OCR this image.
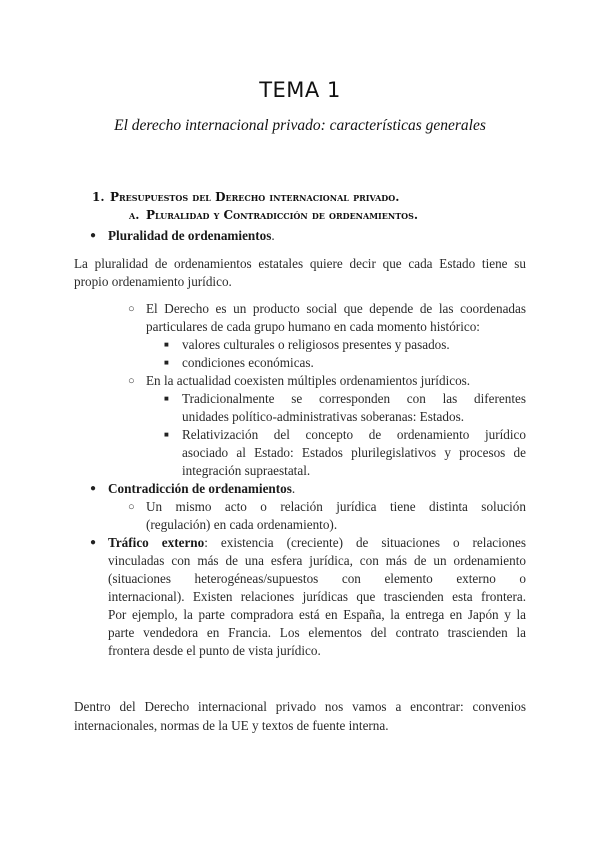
TEMA 1
El derecho internacional privado: características generales
1. Presupuestos del Derecho internacional privado.
a. Pluralidad y Contradicción de ordenamientos.
● Pluralidad de ordenamientos.
La pluralidad de ordenamientos estatales quiere decir que cada Estado tiene su
propio ordenamiento jurídico.
○ El Derecho es un producto social que depende de las coordenadas
particulares de cada grupo humano en cada momento histórico:
■ valores culturales o religiosos presentes y pasados.
■ condiciones económicas.
○ En la actualidad coexisten múltiples ordenamientos jurídicos.
■ Tradicionalmente se corresponden con las diferentes
unidades político-administrativas soberanas: Estados.
■ Relativización del concepto de ordenamiento jurídico
asociado al Estado: Estados plurilegislativos y procesos de
integración supraestatal.
● Contradicción de ordenamientos.
○ Un mismo acto o relación jurídica tiene distinta solución
(regulación) en cada ordenamiento).
● Tráfico externo: existencia (creciente) de situaciones o relaciones
vinculadas con más de una esfera jurídica, con más de un ordenamiento
(situaciones heterogéneas/supuestos con elemento externo o
internacional). Existen relaciones jurídicas que trascienden esta frontera.
Por ejemplo, la parte compradora está en España, la entrega en Japón y la
parte vendedora en Francia. Los elementos del contrato trascienden la
frontera desde el punto de vista jurídico.
Dentro del Derecho internacional privado nos vamos a encontrar: convenios
internacionales, normas de la UE y textos de fuente interna.
